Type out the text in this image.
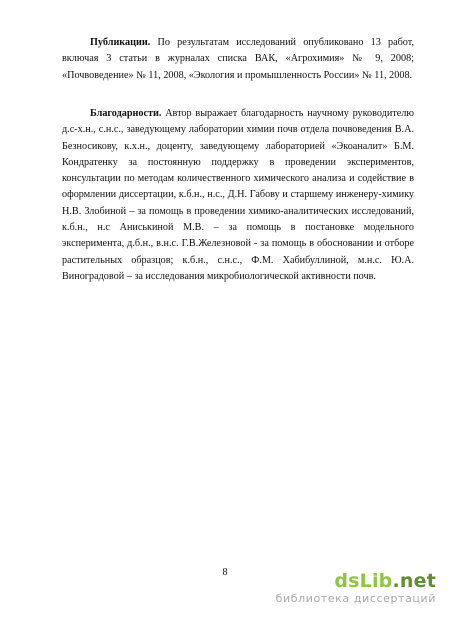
Публикации. По результатам исследований опубликовано 13 работ, включая 3 статьи в журналах списка ВАК, «Агрохимия» № 9, 2008; «Почвоведение» № 11, 2008, «Экология и промышленность России» № 11, 2008.

Благодарности. Автор выражает благодарность научному руководителю д.с-х.н., с.н.с., заведующему лаборатории химии почв отдела почвоведения В.А. Безносикову, к.х.н., доценту, заведующему лабораторией «Экоаналит» Б.М. Кондратенку за постоянную поддержку в проведении экспериментов, консультации по методам количественного химического анализа и содействие в оформлении диссертации, к.б.н., н.с., Д.Н. Габову и старшему инженеру-химику Н.В. Злобиной – за помощь в проведении химико-аналитических исследований, к.б.н., н.с Аниськиной М.В. – за помощь в постановке модельного эксперимента, д.б.н., в.н.с. Г.В.Железновой - за помощь в обосновании и отборе растительных образцов; к.б.н., с.н.с., Ф.М. Хабибуллиной, м.н.с. Ю.А. Виноградовой – за исследования микробиологической активности почв.

8	dsLib.net
библиотека диссертаций
